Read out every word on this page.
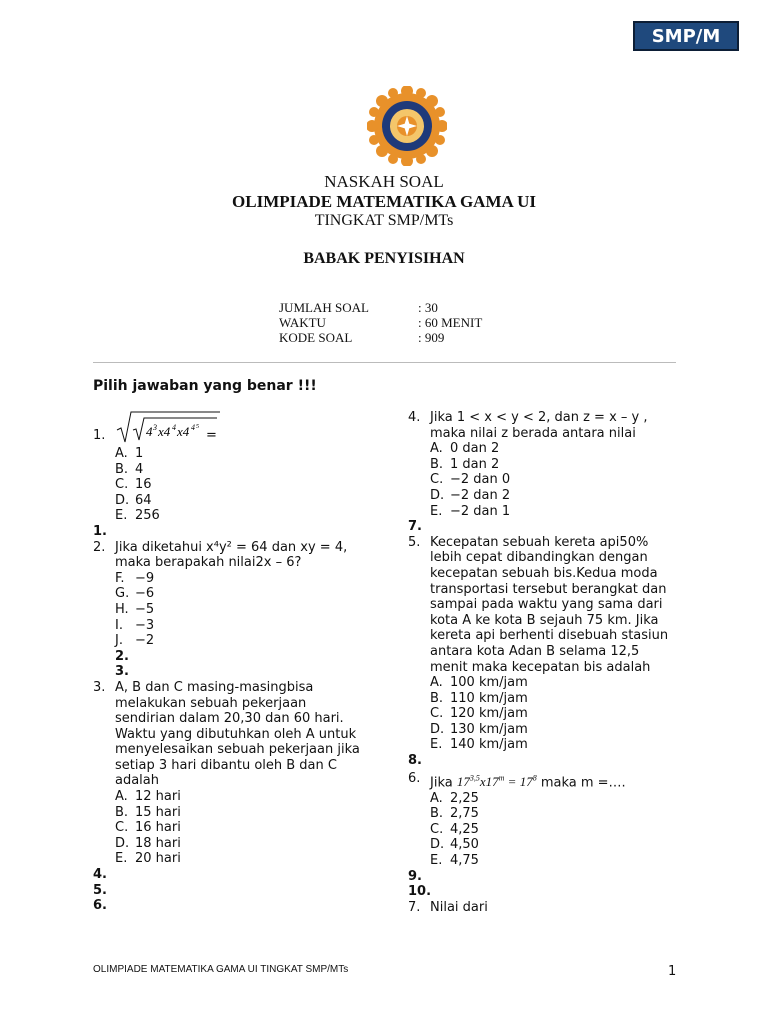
SMP/M
NASKAH SOAL
OLIMPIADE MATEMATIKA GAMA UI
TINGKAT SMP/MTs
BABAK PENYISIHAN
JUMLAH SOAL	: 30
WAKTU	: 60 MENIT
KODE SOAL	: 909
Pilih jawaban yang benar !!!
1.	4 3 x4 4 x4 4 5
=
A. 1
B. 4
C. 16
D. 64
E. 256
1.
2. Jika diketahui x⁴y² = 64 dan xy = 4, maka berapakah nilai2x – 6?
F. −9
G. −6
H. −5
I. −3
J. −2
2.
3.
3. A, B dan C masing-masingbisa melakukan sebuah pekerjaan sendirian dalam 20,30 dan 60 hari. Waktu yang dibutuhkan oleh A untuk menyelesaikan sebuah pekerjaan jika setiap 3 hari dibantu oleh B dan C adalah
A. 12 hari
B. 15 hari
C. 16 hari
D. 18 hari
E. 20 hari
4.
5.
6.
4. Jika 1 < x < y < 2, dan z = x – y , maka nilai z berada antara nilai
A. 0 dan 2
B. 1 dan 2
C. −2 dan 0
D. −2 dan 2
E. −2 dan 1
7.
5. Kecepatan sebuah kereta api50% lebih cepat dibandingkan dengan kecepatan sebuah bis.Kedua moda transportasi tersebut berangkat dan sampai pada waktu yang sama dari kota A ke kota B sejauh 75 km. Jika kereta api berhenti disebuah stasiun antara kota Adan B selama 12,5 menit maka kecepatan bis adalah
A. 100 km/jam
B. 110 km/jam
C. 120 km/jam
D. 130 km/jam
E. 140 km/jam
8.
6. Jika $17^{3,5}x17^m = 17^8$ maka m =….
A. 2,25
B. 2,75
C. 4,25
D. 4,50
E. 4,75
9.
10.
7. Nilai dari
OLIMPIADE MATEMATIKA GAMA UI TINGKAT SMP/MTs	1
